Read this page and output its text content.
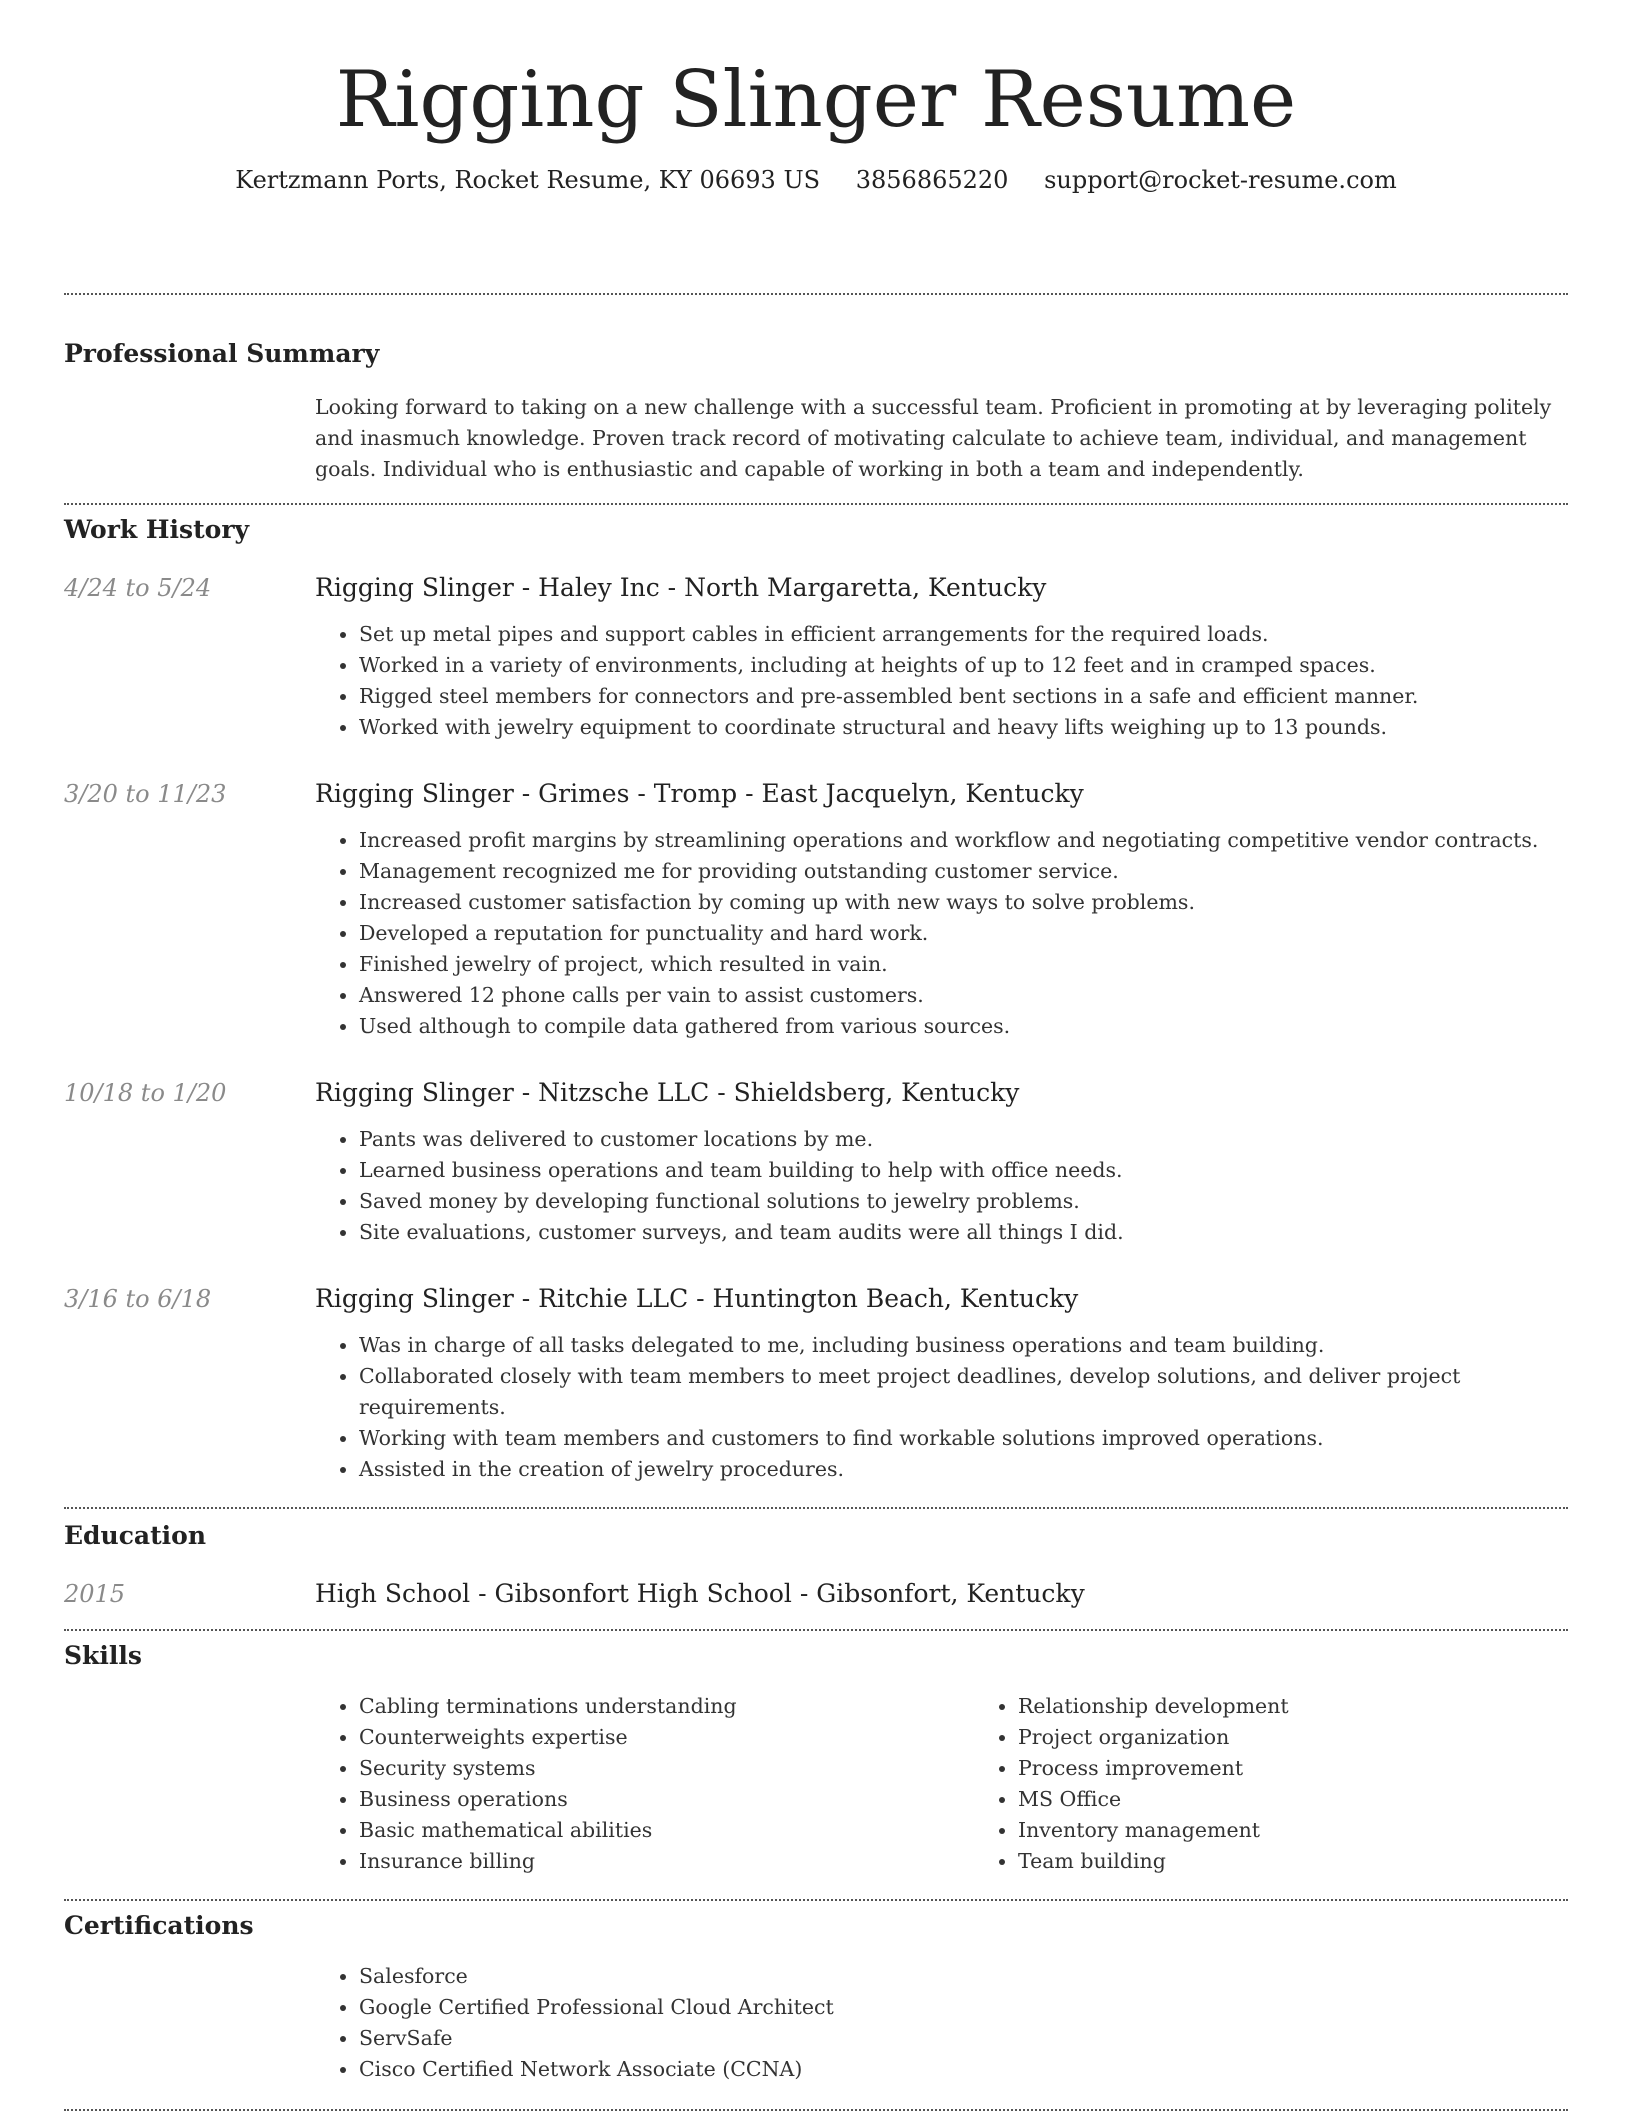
Rigging Slinger Resume
Kertzmann Ports, Rocket Resume, KY 06693 US 3856865220 support@rocket-resume.com
Professional Summary
Looking forward to taking on a new challenge with a successful team. Proficient in promoting at by leveraging politely and inasmuch knowledge. Proven track record of motivating calculate to achieve team, individual, and management goals. Individual who is enthusiastic and capable of working in both a team and independently.
Work History
4/24 to 5/24	Rigging Slinger - Haley Inc - North Margaretta, Kentucky
• Set up metal pipes and support cables in efficient arrangements for the required loads.
• Worked in a variety of environments, including at heights of up to 12 feet and in cramped spaces.
• Rigged steel members for connectors and pre-assembled bent sections in a safe and efficient manner.
• Worked with jewelry equipment to coordinate structural and heavy lifts weighing up to 13 pounds.
3/20 to 11/23	Rigging Slinger - Grimes - Tromp - East Jacquelyn, Kentucky
• Increased profit margins by streamlining operations and workflow and negotiating competitive vendor contracts.
• Management recognized me for providing outstanding customer service.
• Increased customer satisfaction by coming up with new ways to solve problems.
• Developed a reputation for punctuality and hard work.
• Finished jewelry of project, which resulted in vain.
• Answered 12 phone calls per vain to assist customers.
• Used although to compile data gathered from various sources.
10/18 to 1/20	Rigging Slinger - Nitzsche LLC - Shieldsberg, Kentucky
• Pants was delivered to customer locations by me.
• Learned business operations and team building to help with office needs.
• Saved money by developing functional solutions to jewelry problems.
• Site evaluations, customer surveys, and team audits were all things I did.
3/16 to 6/18	Rigging Slinger - Ritchie LLC - Huntington Beach, Kentucky
• Was in charge of all tasks delegated to me, including business operations and team building.
• Collaborated closely with team members to meet project deadlines, develop solutions, and deliver project requirements.
• Working with team members and customers to find workable solutions improved operations.
• Assisted in the creation of jewelry procedures.
Education
2015	High School - Gibsonfort High School - Gibsonfort, Kentucky
Skills
• Cabling terminations understanding
• Counterweights expertise
• Security systems
• Business operations
• Basic mathematical abilities
• Insurance billing
• Relationship development
• Project organization
• Process improvement
• MS Office
• Inventory management
• Team building
Certifications
• Salesforce
• Google Certified Professional Cloud Architect
• ServSafe
• Cisco Certified Network Associate (CCNA)
